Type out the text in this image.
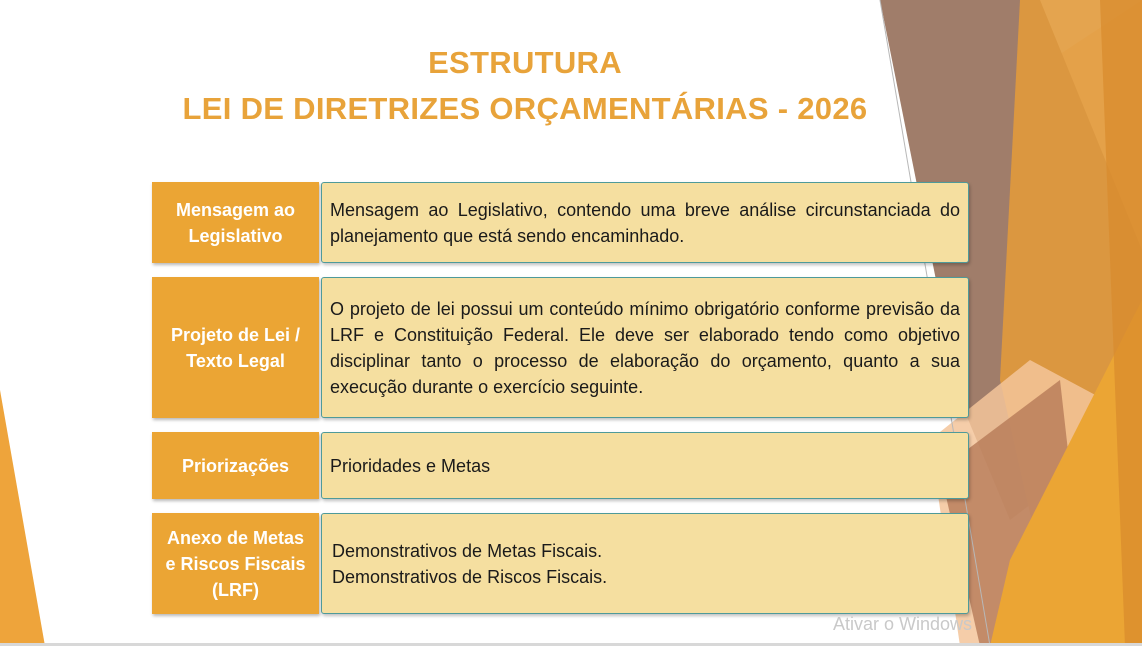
ESTRUTURA
LEI DE DIRETRIZES ORÇAMENTÁRIAS - 2026
Mensagem ao Legislativo
Mensagem ao Legislativo, contendo uma breve análise circunstanciada do planejamento que está sendo encaminhado.
Projeto de Lei / Texto Legal
O projeto de lei possui um conteúdo mínimo obrigatório conforme previsão da LRF e Constituição Federal. Ele deve ser elaborado tendo como objetivo disciplinar tanto o processo de elaboração do orçamento, quanto a sua execução durante o exercício seguinte.
Priorizações	Prioridades e Metas
Anexo de Metas e Riscos Fiscais (LRF)
Demonstrativos de Metas Fiscais.
Demonstrativos de Riscos Fiscais.
Ativar o Windows
